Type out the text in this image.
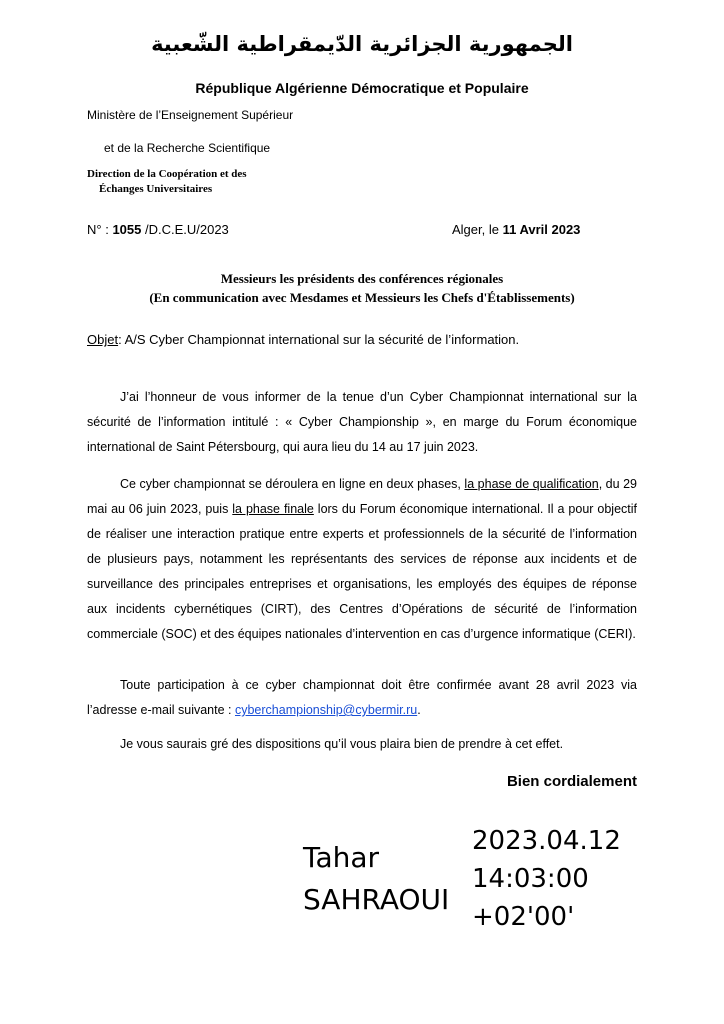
الجمهورية الجزائرية الدّيمقراطية الشّعبية
République Algérienne Démocratique et Populaire
Ministère de l’Enseignement Supérieur
et de la Recherche Scientifique
Direction de la Coopération et des
Échanges Universitaires
N° : 1055 /D.C.E.U/2023	Alger, le 11 Avril 2023
Messieurs les présidents des conférences régionales
(En communication avec Mesdames et Messieurs les Chefs d'Établissements)
Objet: A/S Cyber Championnat international sur la sécurité de l’information.
J’ai l’honneur de vous informer de la tenue d’un Cyber Championnat international sur la sécurité de l’information intitulé : « Cyber Championship », en marge du Forum économique international de Saint Pétersbourg, qui aura lieu du 14 au 17 juin 2023.
Ce cyber championnat se déroulera en ligne en deux phases, la phase de qualification, du 29 mai au 06 juin 2023, puis la phase finale lors du Forum économique international. Il a pour objectif de réaliser une interaction pratique entre experts et professionnels de la sécurité de l’information de plusieurs pays, notamment les représentants des services de réponse aux incidents et de surveillance des principales entreprises et organisations, les employés des équipes de réponse aux incidents cybernétiques (CIRT), des Centres d’Opérations de sécurité de l’information commerciale (SOC) et des équipes nationales d’intervention en cas d’urgence informatique (CERI).
Toute participation à ce cyber championnat doit être confirmée avant 28 avril 2023 via l’adresse e-mail suivante : cyberchampionship@cybermir.ru.
Je vous saurais gré des dispositions qu’il vous plaira bien de prendre à cet effet.
Bien cordialement
Tahar
SAHRAOUI
2023.04.12
14:03:00
+02'00'
